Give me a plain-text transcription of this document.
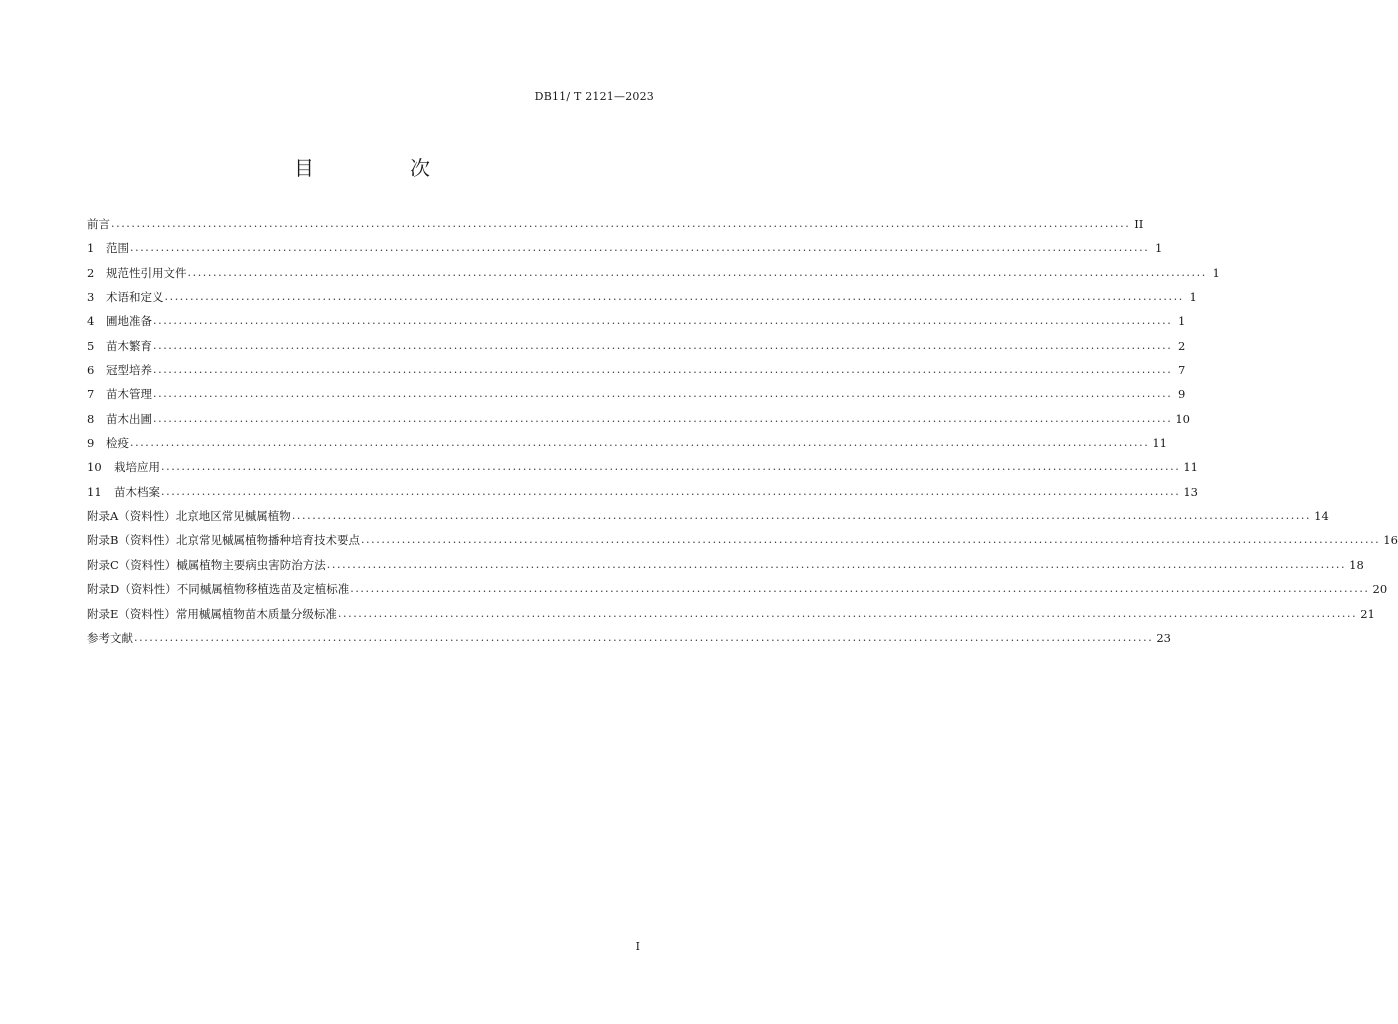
DB11/ T 2121—2023
目　次
前言 ........................................................................................................................................................................................................ II
1	范围 ........................................................................................................................................................................................................ 1
2	规范性引用文件 ........................................................................................................................................................................................................ 1
3	术语和定义 ........................................................................................................................................................................................................ 1
4	圃地准备 ........................................................................................................................................................................................................ 1
5	苗木繁育 ........................................................................................................................................................................................................ 2
6	冠型培养 ........................................................................................................................................................................................................ 7
7	苗木管理 ........................................................................................................................................................................................................ 9
8	苗木出圃 ........................................................................................................................................................................................................ 10
9	检疫 ........................................................................................................................................................................................................ 11
10	栽培应用 ........................................................................................................................................................................................................ 11
11	苗木档案 ........................................................................................................................................................................................................ 13
附录A（资料性）北京地区常见槭属植物 ........................................................................................................................................................................................................ 14
附录B（资料性）北京常见槭属植物播种培育技术要点 ........................................................................................................................................................................................................ 16
附录C（资料性）槭属植物主要病虫害防治方法 ........................................................................................................................................................................................................ 18
附录D（资料性）不同槭属植物移植选苗及定植标准 ........................................................................................................................................................................................................ 20
附录E（资料性）常用槭属植物苗木质量分级标准 ........................................................................................................................................................................................................ 21
参考文献 ........................................................................................................................................................................................................ 23
I
